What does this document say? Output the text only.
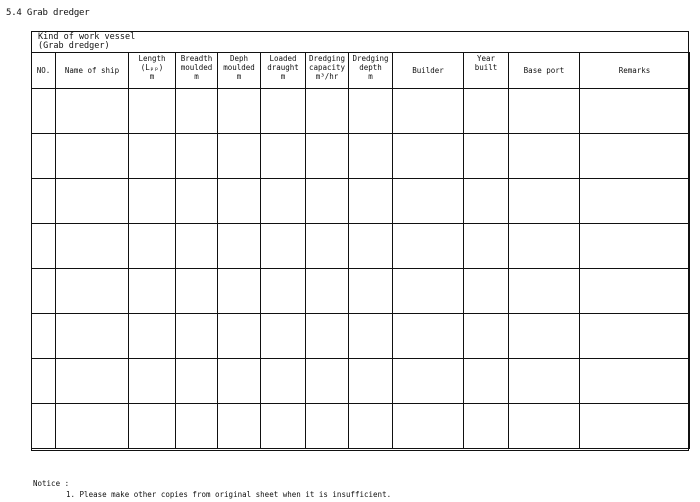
5.4 Grab dredger
Kind of work vessel
(Grab dredger)
NO.	Name of ship	Length
(Lₚₚ)
m	Breadth
moulded
m	Deph
moulded
m	Loaded
draught
m	Dredging
capacity
m³/hr	Dredging
depth
m	Builder	Year
built	Base port	Remarks

Notice :
1. Please make other copies from original sheet when it is insufficient.
